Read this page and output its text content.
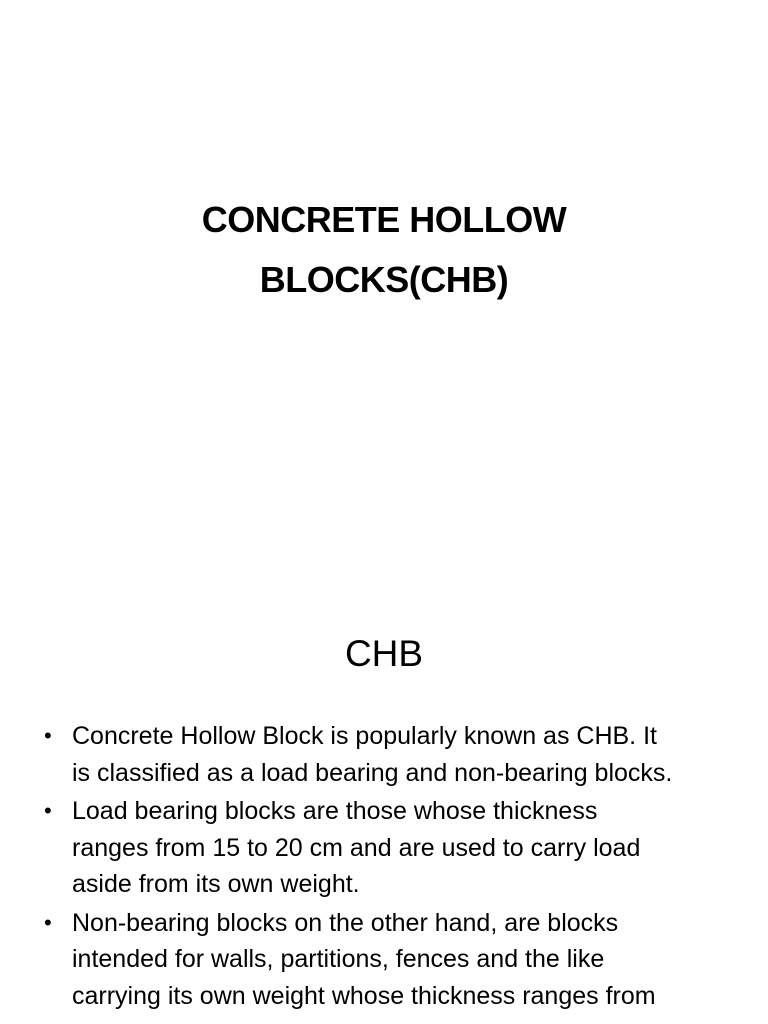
CONCRETE HOLLOW
BLOCKS(CHB)
CHB
• Concrete Hollow Block is popularly known as CHB. It
is classified as a load bearing and non-bearing blocks.
• Load bearing blocks are those whose thickness
ranges from 15 to 20 cm and are used to carry load
aside from its own weight.
• Non-bearing blocks on the other hand, are blocks
intended for walls, partitions, fences and the like
carrying its own weight whose thickness ranges from
